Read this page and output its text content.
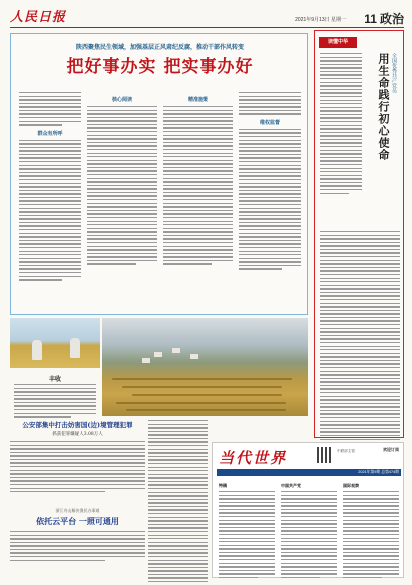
人民日报	2021年9月13日 星期一	11 政治
陕西聚焦民生领域，加强基层正风肃纪反腐，推动干部作风转变
把好事办实 把实事办好
群众有所呼
核心阅读	精准施策
维权监督
丰收
读懂中华
用生命践行初心使命 全国优秀共产党员
公安部集中打击妨害国(边)境管理犯罪
抓获犯罪嫌疑人3.08万人
浙江舟山解决渔民办事难
依托云平台 一照可通用
当代世界	中联部主管	欢迎订阅
2021年第9期 总第474期
特稿	中国共产党	国际观察
